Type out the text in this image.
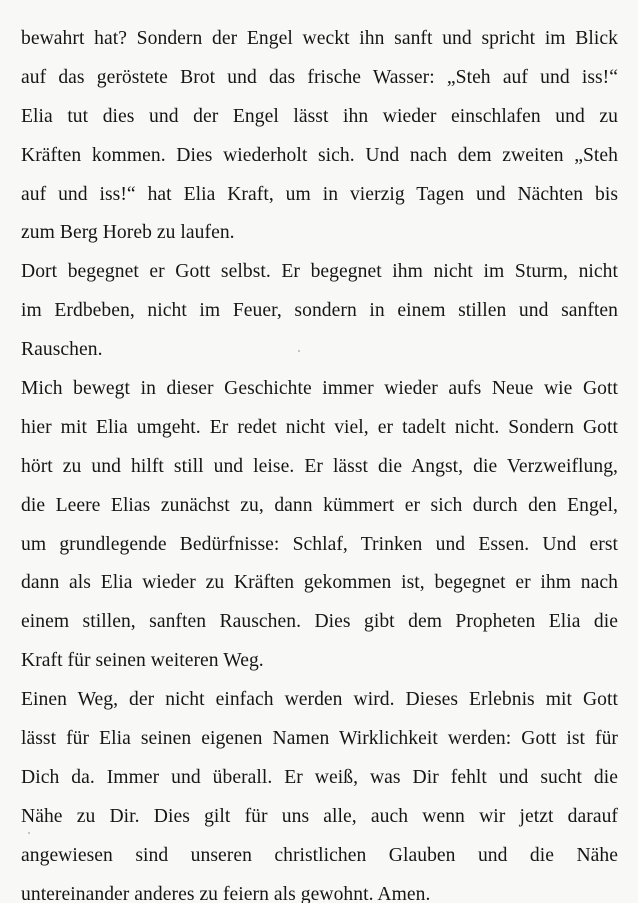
bewahrt hat? Sondern der Engel weckt ihn sanft und spricht im Blick
auf das geröstete Brot und das frische Wasser: „Steh auf und iss!“
Elia tut dies und der Engel lässt ihn wieder einschlafen und zu
Kräften kommen. Dies wiederholt sich. Und nach dem zweiten „Steh
auf und iss!“ hat Elia Kraft, um in vierzig Tagen und Nächten bis
zum Berg Horeb zu laufen.
Dort begegnet er Gott selbst. Er begegnet ihm nicht im Sturm, nicht
im Erdbeben, nicht im Feuer, sondern in einem stillen und sanften
Rauschen.
Mich bewegt in dieser Geschichte immer wieder aufs Neue wie Gott
hier mit Elia umgeht. Er redet nicht viel, er tadelt nicht. Sondern Gott
hört zu und hilft still und leise. Er lässt die Angst, die Verzweiflung,
die Leere Elias zunächst zu, dann kümmert er sich durch den Engel,
um grundlegende Bedürfnisse: Schlaf, Trinken und Essen. Und erst
dann als Elia wieder zu Kräften gekommen ist, begegnet er ihm nach
einem stillen, sanften Rauschen. Dies gibt dem Propheten Elia die
Kraft für seinen weiteren Weg.
Einen Weg, der nicht einfach werden wird. Dieses Erlebnis mit Gott
lässt für Elia seinen eigenen Namen Wirklichkeit werden: Gott ist für
Dich da. Immer und überall. Er weiß, was Dir fehlt und sucht die
Nähe zu Dir. Dies gilt für uns alle, auch wenn wir jetzt darauf
angewiesen sind unseren christlichen Glauben und die Nähe
untereinander anderes zu feiern als gewohnt. Amen.
